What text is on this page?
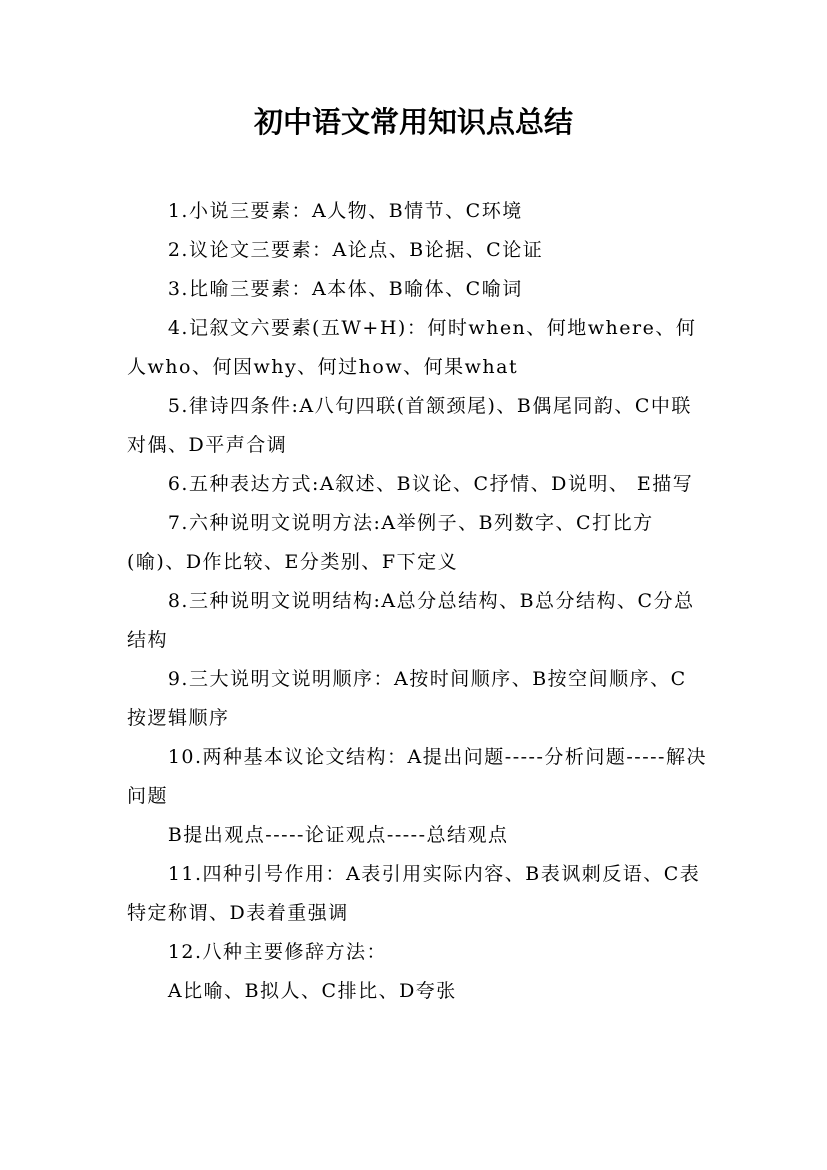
初中语文常用知识点总结

1.小说三要素：A人物、B情节、C环境

2.议论文三要素：A论点、B论据、C论证

3.比喻三要素：A本体、B喻体、C喻词

4.记叙文六要素(五W+H)：何时when、何地where、何人who、何因why、何过how、何果what

5.律诗四条件:A八句四联(首颔颈尾)、B偶尾同韵、C中联对偶、D平声合调

6.五种表达方式:A叙述、B议论、C抒情、D说明、 E描写

7.六种说明文说明方法:A举例子、B列数字、C打比方(喻)、D作比较、E分类别、F下定义

8.三种说明文说明结构:A总分总结构、B总分结构、C分总结构

9.三大说明文说明顺序：A按时间顺序、B按空间顺序、C按逻辑顺序

10.两种基本议论文结构：A提出问题-----分析问题-----解决问题

B提出观点-----论证观点-----总结观点

11.四种引号作用：A表引用实际内容、B表讽刺反语、C表特定称谓、D表着重强调

12.八种主要修辞方法：

A比喻、B拟人、C排比、D夸张
